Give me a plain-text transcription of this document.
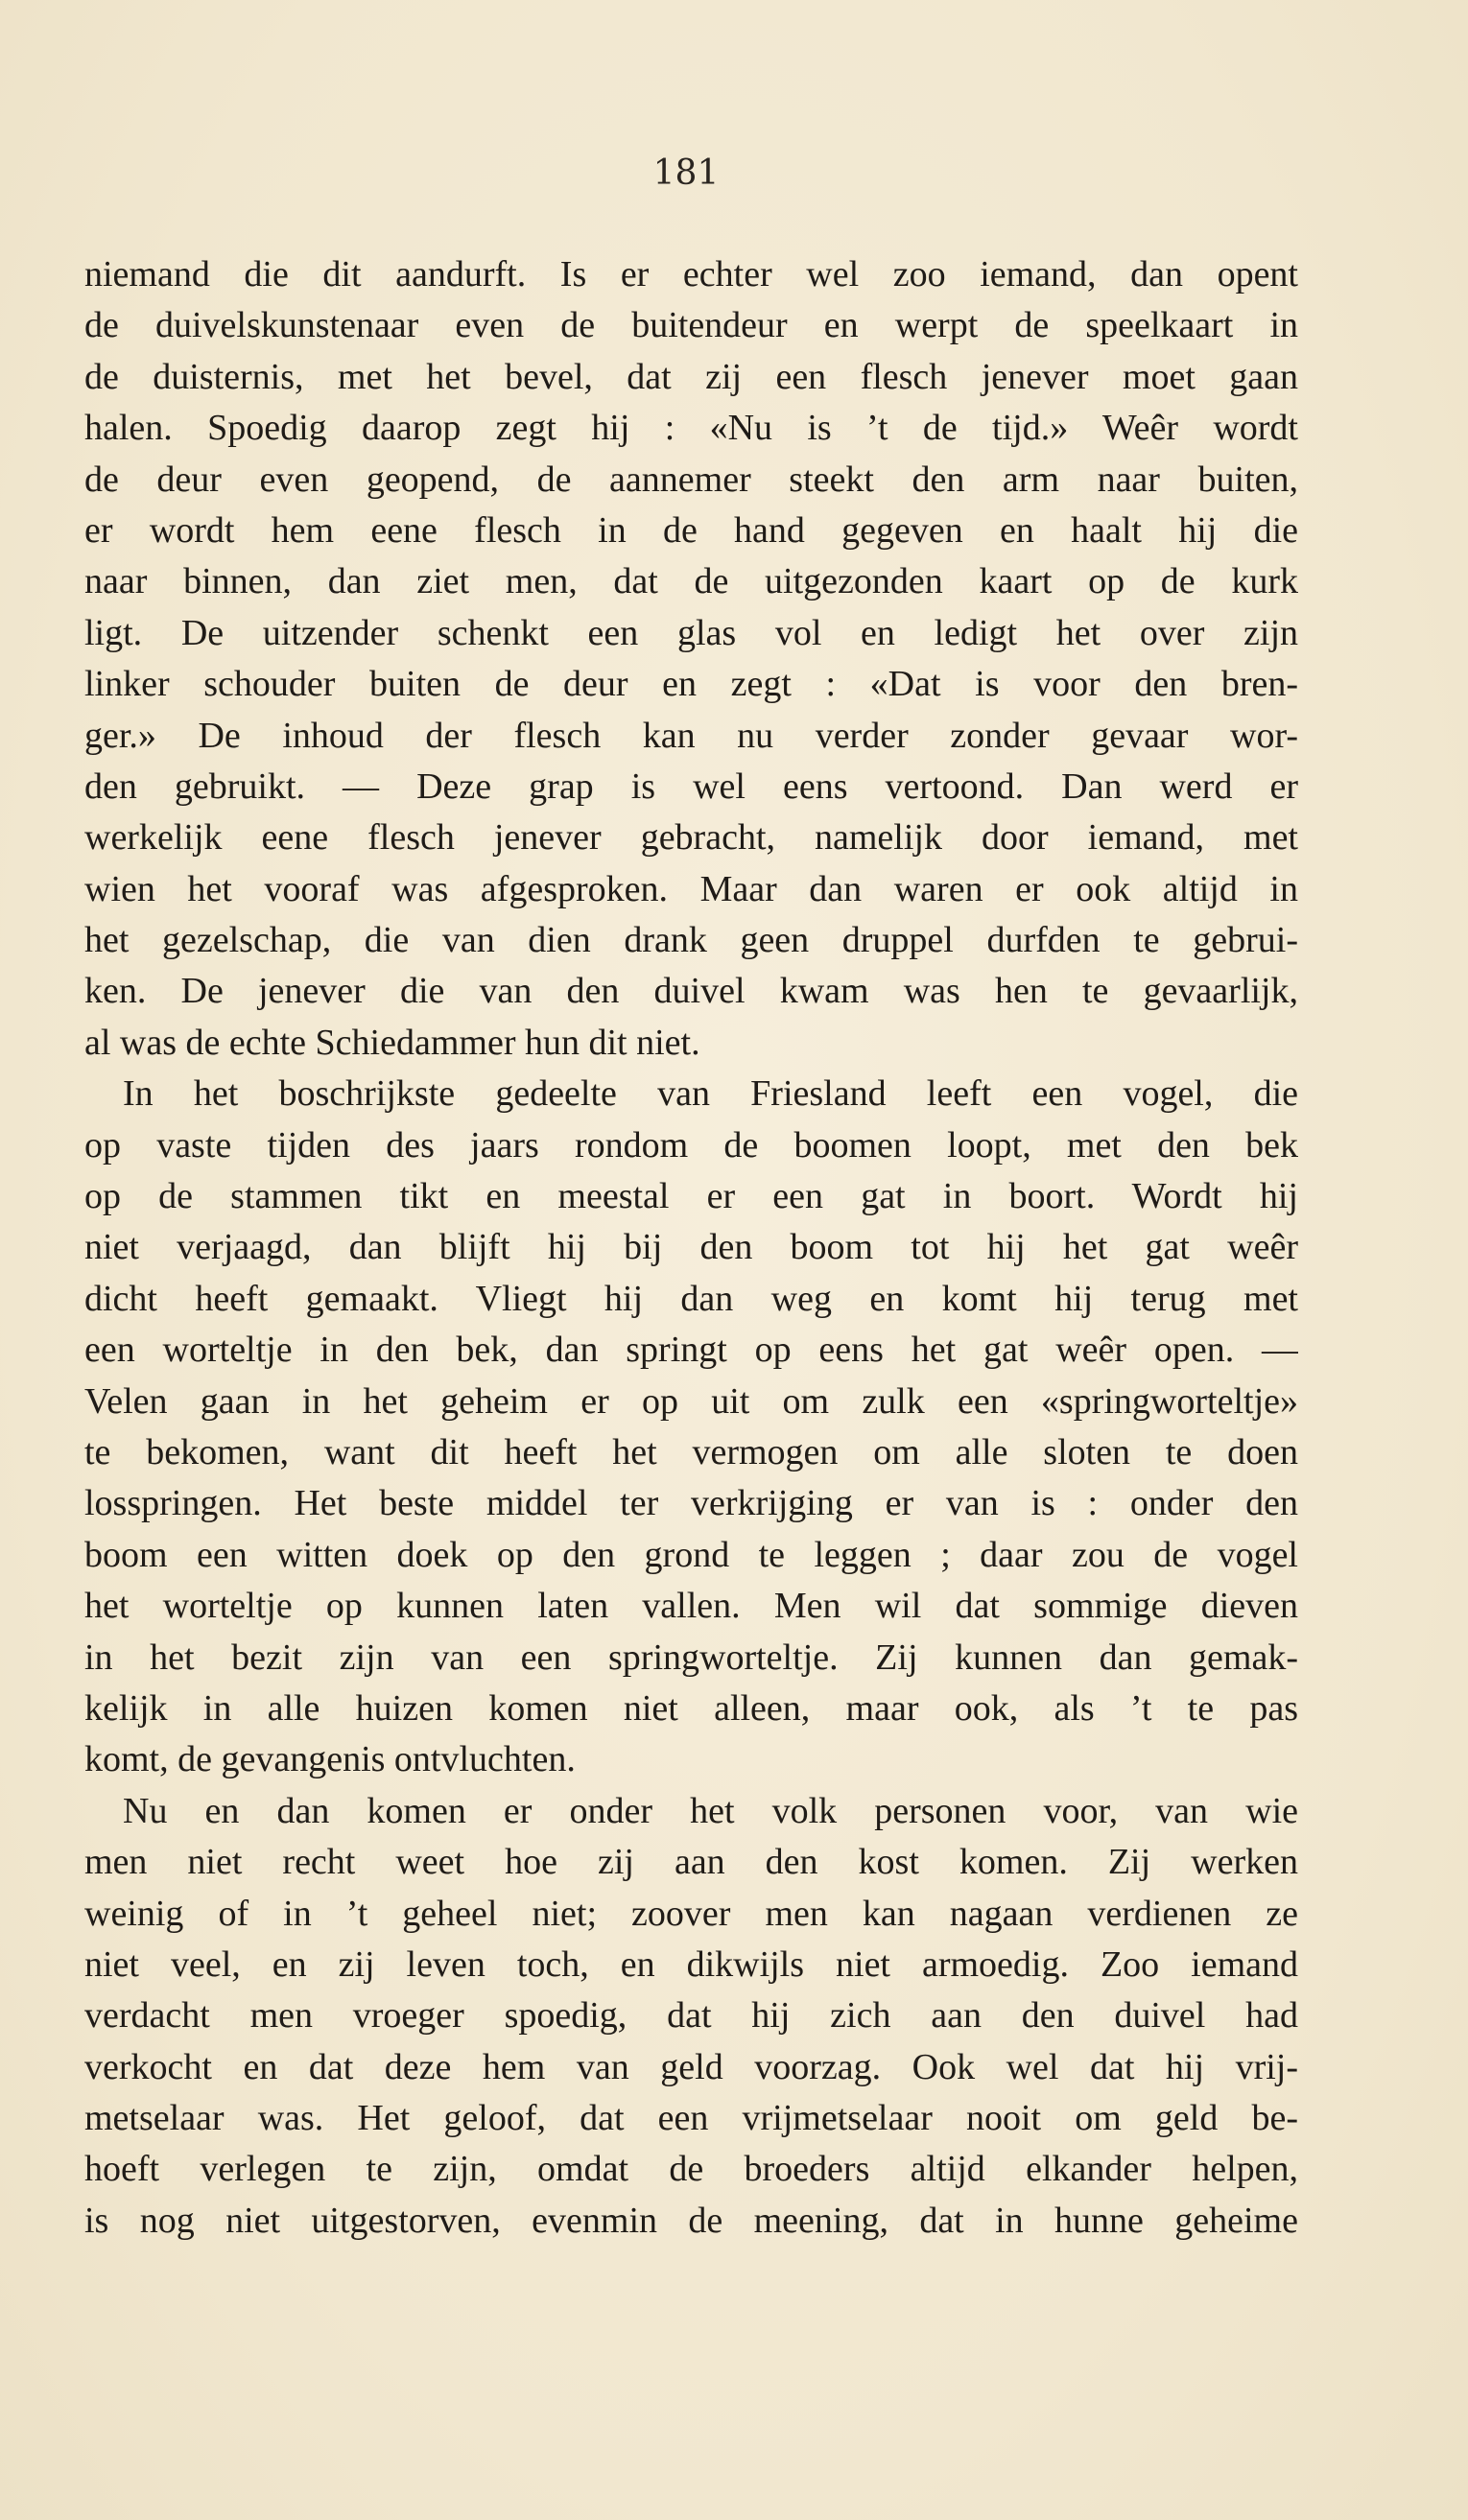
181
niemand die dit aandurft. Is er echter wel zoo iemand, dan opent
de duivelskunstenaar even de buitendeur en werpt de speelkaart in
de duisternis, met het bevel, dat zij een flesch jenever moet gaan
halen. Spoedig daarop zegt hij : «Nu is ’t de tijd.» Weêr wordt
de deur even geopend, de aannemer steekt den arm naar buiten,
er wordt hem eene flesch in de hand gegeven en haalt hij die
naar binnen, dan ziet men, dat de uitgezonden kaart op de kurk
ligt. De uitzender schenkt een glas vol en ledigt het over zijn
linker schouder buiten de deur en zegt : «Dat is voor den bren-
ger.» De inhoud der flesch kan nu verder zonder gevaar wor-
den gebruikt. — Deze grap is wel eens vertoond. Dan werd er
werkelijk eene flesch jenever gebracht, namelijk door iemand, met
wien het vooraf was afgesproken. Maar dan waren er ook altijd in
het gezelschap, die van dien drank geen druppel durfden te gebrui-
ken. De jenever die van den duivel kwam was hen te gevaarlijk,
al was de echte Schiedammer hun dit niet.
In het boschrijkste gedeelte van Friesland leeft een vogel, die
op vaste tijden des jaars rondom de boomen loopt, met den bek
op de stammen tikt en meestal er een gat in boort. Wordt hij
niet verjaagd, dan blijft hij bij den boom tot hij het gat weêr
dicht heeft gemaakt. Vliegt hij dan weg en komt hij terug met
een worteltje in den bek, dan springt op eens het gat weêr open. —
Velen gaan in het geheim er op uit om zulk een «springworteltje»
te bekomen, want dit heeft het vermogen om alle sloten te doen
losspringen. Het beste middel ter verkrijging er van is : onder den
boom een witten doek op den grond te leggen ; daar zou de vogel
het worteltje op kunnen laten vallen. Men wil dat sommige dieven
in het bezit zijn van een springworteltje. Zij kunnen dan gemak-
kelijk in alle huizen komen niet alleen, maar ook, als ’t te pas
komt, de gevangenis ontvluchten.
Nu en dan komen er onder het volk personen voor, van wie
men niet recht weet hoe zij aan den kost komen. Zij werken
weinig of in ’t geheel niet; zoover men kan nagaan verdienen ze
niet veel, en zij leven toch, en dikwijls niet armoedig. Zoo iemand
verdacht men vroeger spoedig, dat hij zich aan den duivel had
verkocht en dat deze hem van geld voorzag. Ook wel dat hij vrij-
metselaar was. Het geloof, dat een vrijmetselaar nooit om geld be-
hoeft verlegen te zijn, omdat de broeders altijd elkander helpen,
is nog niet uitgestorven, evenmin de meening, dat in hunne geheime
